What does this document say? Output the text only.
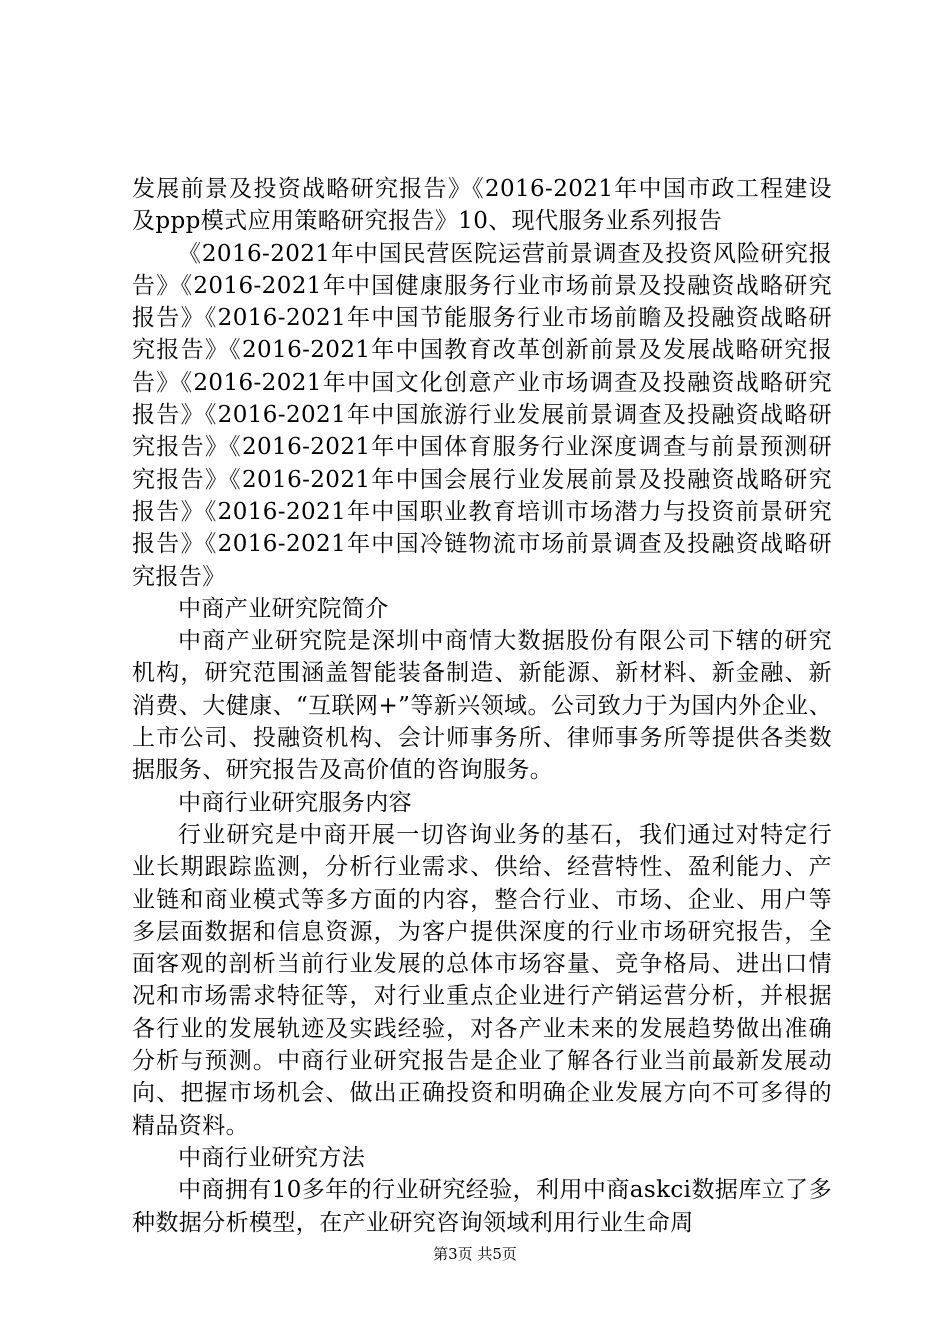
发展前景及投资战略研究报告》《2016-2021年中国市政工程建设及ppp模式应用策略研究报告》10、现代服务业系列报告

《2016-2021年中国民营医院运营前景调查及投资风险研究报告》《2016-2021年中国健康服务行业市场前景及投融资战略研究报告》《2016-2021年中国节能服务行业市场前瞻及投融资战略研究报告》《2016-2021年中国教育改革创新前景及发展战略研究报告》《2016-2021年中国文化创意产业市场调查及投融资战略研究报告》《2016-2021年中国旅游行业发展前景调查及投融资战略研究报告》《2016-2021年中国体育服务行业深度调查与前景预测研究报告》《2016-2021年中国会展行业发展前景及投融资战略研究报告》《2016-2021年中国职业教育培训市场潜力与投资前景研究报告》《2016-2021年中国冷链物流市场前景调查及投融资战略研究报告》

中商产业研究院简介

中商产业研究院是深圳中商情大数据股份有限公司下辖的研究机构，研究范围涵盖智能装备制造、新能源、新材料、新金融、新消费、大健康、“互联网+”等新兴领域。公司致力于为国内外企业、上市公司、投融资机构、会计师事务所、律师事务所等提供各类数据服务、研究报告及高价值的咨询服务。

中商行业研究服务内容

行业研究是中商开展一切咨询业务的基石，我们通过对特定行业长期跟踪监测，分析行业需求、供给、经营特性、盈利能力、产业链和商业模式等多方面的内容，整合行业、市场、企业、用户等多层面数据和信息资源，为客户提供深度的行业市场研究报告，全面客观的剖析当前行业发展的总体市场容量、竞争格局、进出口情况和市场需求特征等，对行业重点企业进行产销运营分析，并根据各行业的发展轨迹及实践经验，对各产业未来的发展趋势做出准确分析与预测。中商行业研究报告是企业了解各行业当前最新发展动向、把握市场机会、做出正确投资和明确企业发展方向不可多得的精品资料。

中商行业研究方法

中商拥有10多年的行业研究经验，利用中商askci数据库立了多种数据分析模型，在产业研究咨询领域利用行业生命周

第3页 共5页
